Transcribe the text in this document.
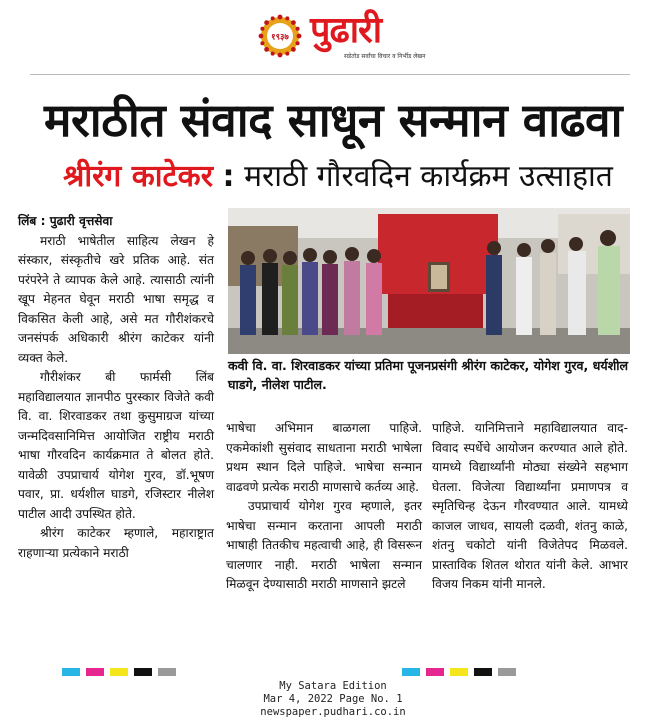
१९३७ पुढारी
सडेतोड सर्वांचा विचार व निर्भीड लेखन
मराठीत संवाद साधून सन्मान वाढवा
श्रीरंग काटेकर : मराठी गौरवदिन कार्यक्रम उत्साहात

लिंब : पुढारी वृत्तसेवा

मराठी भाषेतील साहित्य लेखन हे संस्कार, संस्कृतीचे खरे प्रतिक आहे. संत परंपरेने ते व्यापक केले आहे. त्यासाठी त्यांनी खूप मेहनत घेवून मराठी भाषा समृद्ध व विकसित केली आहे, असे मत गौरीशंकरचे जनसंपर्क अधिकारी श्रीरंग काटेकर यांनी व्यक्त केले.

गौरीशंकर बी फार्मसी लिंब महाविद्यालयात ज्ञानपीठ पुरस्कार विजेते कवी वि. वा. शिरवाडकर तथा कुसुमाग्रज यांच्या जन्मदिवसानिमित्त आयोजित राष्ट्रीय मराठी भाषा गौरवदिन कार्यक्रमात ते बोलत होते. यावेळी उपप्राचार्य योगेश गुरव, डॉ.भूषण पवार, प्रा. धर्यशील घाडगे, रजिस्टार नीलेश पाटील आदी उपस्थित होते.

श्रीरंग काटेकर म्हणाले, महाराष्ट्रात राहणाऱ्या प्रत्येकाने मराठी

कवी वि. वा. शिरवाडकर यांच्या प्रतिमा पूजनप्रसंगी श्रीरंग काटेकर, योगेश गुरव, धर्यशील घाडगे, नीलेश पाटील.

भाषेचा अभिमान बाळगला पाहिजे. एकमेकांशी सुसंवाद साधताना मराठी भाषेला प्रथम स्थान दिले पाहिजे. भाषेचा सन्मान वाढवणे प्रत्येक मराठी माणसाचे कर्तव्य आहे.

उपप्राचार्य योगेश गुरव म्हणाले, इतर भाषेचा सन्मान करताना आपली मराठी भाषाही तितकीच महत्वाची आहे, ही विसरून चालणार नाही. मराठी भाषेला सन्मान मिळवून देण्यासाठी मराठी माणसाने झटले

पाहिजे. यानिमित्ताने महाविद्यालयात वाद-विवाद स्पर्धेचे आयोजन करण्यात आले होते. यामध्ये विद्यार्थ्यांनी मोठ्या संख्येने सहभाग घेतला. विजेत्या विद्यार्थ्यांना प्रमाणपत्र व स्मृतिचिन्ह देऊन गौरवण्यात आले. यामध्ये काजल जाधव, सायली दळवी, शंतनु काळे, शंतनु चकोटो यांनी विजेतेपद मिळवले. प्रास्ताविक शितल थोरात यांनी केले. आभार विजय निकम यांनी मानले.

My Satara Edition
Mar 4, 2022 Page No. 1
newspaper.pudhari.co.in
